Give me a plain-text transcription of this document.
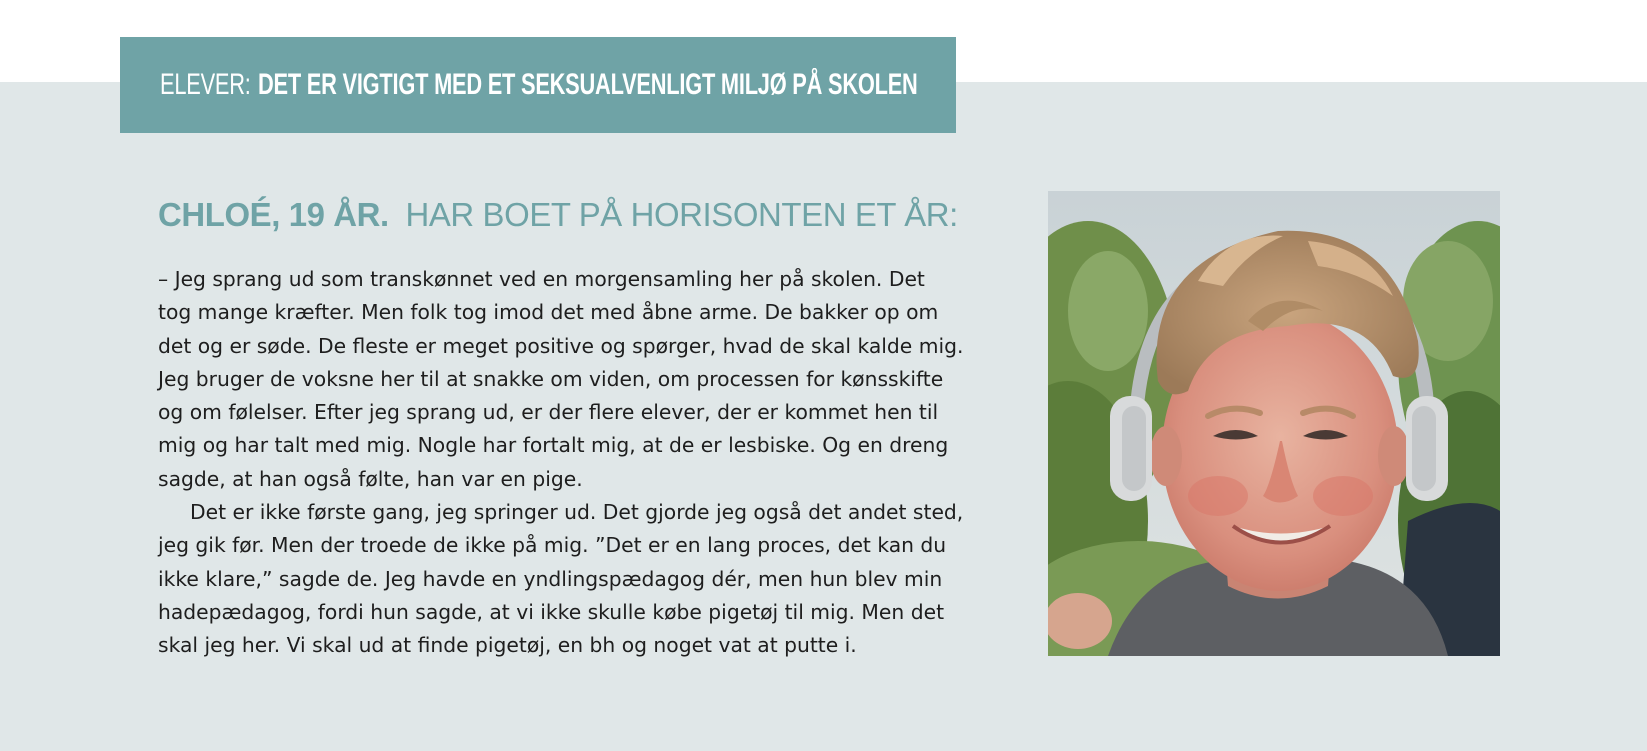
ELEVER: DET ER VIGTIGT MED ET SEKSUALVENLIGT MILJØ PÅ SKOLEN
CHLOÉ, 19 ÅR. HAR BOET PÅ HORISONTEN ET ÅR:
– Jeg sprang ud som transkønnet ved en morgensamling her på skolen. Det
tog mange kræfter. Men folk tog imod det med åbne arme. De bakker op om
det og er søde. De fleste er meget positive og spørger, hvad de skal kalde mig.
Jeg bruger de voksne her til at snakke om viden, om processen for kønsskifte
og om følelser. Efter jeg sprang ud, er der flere elever, der er kommet hen til
mig og har talt med mig. Nogle har fortalt mig, at de er lesbiske. Og en dreng
sagde, at han også følte, han var en pige.
Det er ikke første gang, jeg springer ud. Det gjorde jeg også det andet sted,
jeg gik før. Men der troede de ikke på mig. ”Det er en lang proces, det kan du
ikke klare,” sagde de. Jeg havde en yndlingspædagog dér, men hun blev min
hadepædagog, fordi hun sagde, at vi ikke skulle købe pigetøj til mig. Men det
skal jeg her. Vi skal ud at finde pigetøj, en bh og noget vat at putte i.
